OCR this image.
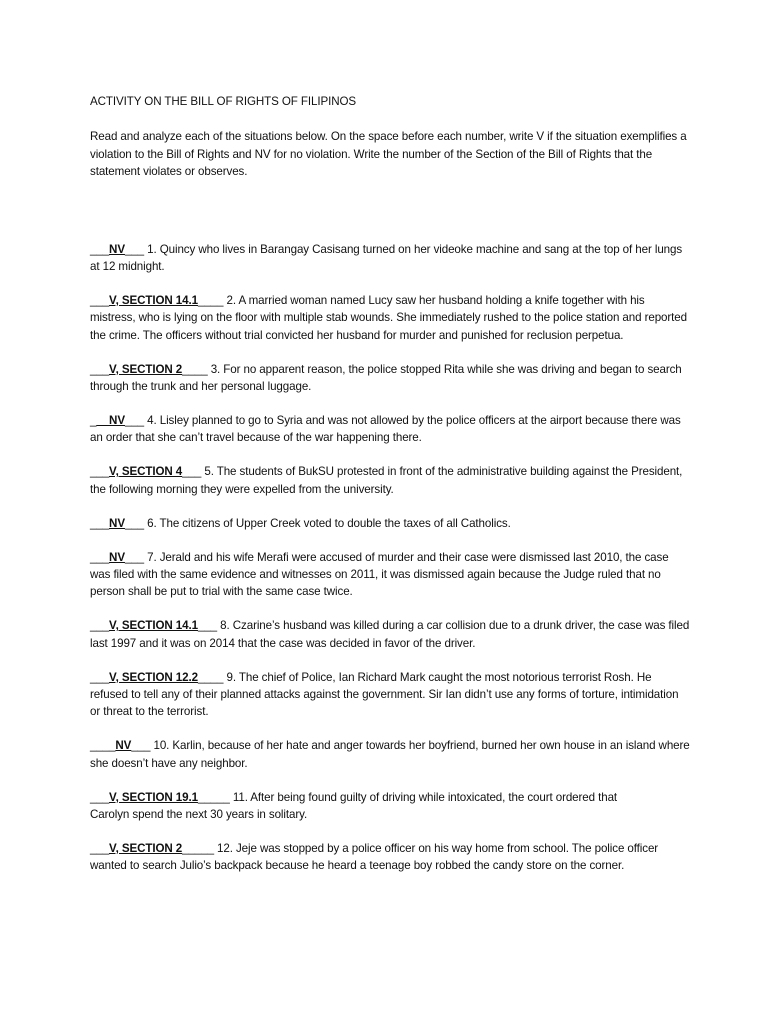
ACTIVITY ON THE BILL OF RIGHTS OF FILIPINOS

Read and analyze each of the situations below. On the space before each number, write V if the situation exemplifies a violation to the Bill of Rights and NV for no violation. Write the number of the Section of the Bill of Rights that the statement violates or observes.

___NV___ 1. Quincy who lives in Barangay Casisang turned on her videoke machine and sang at the top of her lungs at 12 midnight.

___V, SECTION 14.1____ 2. A married woman named Lucy saw her husband holding a knife together with his mistress, who is lying on the floor with multiple stab wounds. She immediately rushed to the police station and reported the crime. The officers without trial convicted her husband for murder and punished for reclusion perpetua.

___V, SECTION 2____ 3. For no apparent reason, the police stopped Rita while she was driving and began to search through the trunk and her personal luggage.

___NV___ 4. Lisley planned to go to Syria and was not allowed by the police officers at the airport because there was an order that she can’t travel because of the war happening there.

___V, SECTION 4___ 5. The students of BukSU protested in front of the administrative building against the President, the following morning they were expelled from the university.

___NV___ 6. The citizens of Upper Creek voted to double the taxes of all Catholics.

___NV___ 7. Jerald and his wife Merafi were accused of murder and their case were dismissed last 2010, the case was filed with the same evidence and witnesses on 2011, it was dismissed again because the Judge ruled that no person shall be put to trial with the same case twice.

___V, SECTION 14.1___ 8. Czarine’s husband was killed during a car collision due to a drunk driver, the case was filed last 1997 and it was on 2014 that the case was decided in favor of the driver.

___V, SECTION 12.2____ 9. The chief of Police, Ian Richard Mark caught the most notorious terrorist Rosh. He refused to tell any of their planned attacks against the government. Sir Ian didn’t use any forms of torture, intimidation or threat to the terrorist.

____NV___ 10. Karlin, because of her hate and anger towards her boyfriend, burned her own house in an island where she doesn’t have any neighbor.

___V, SECTION 19.1_____ 11. After being found guilty of driving while intoxicated, the court ordered that
Carolyn spend the next 30 years in solitary.

___V, SECTION 2_____ 12. Jeje was stopped by a police officer on his way home from school. The police officer wanted to search Julio’s backpack because he heard a teenage boy robbed the candy store on the corner.
